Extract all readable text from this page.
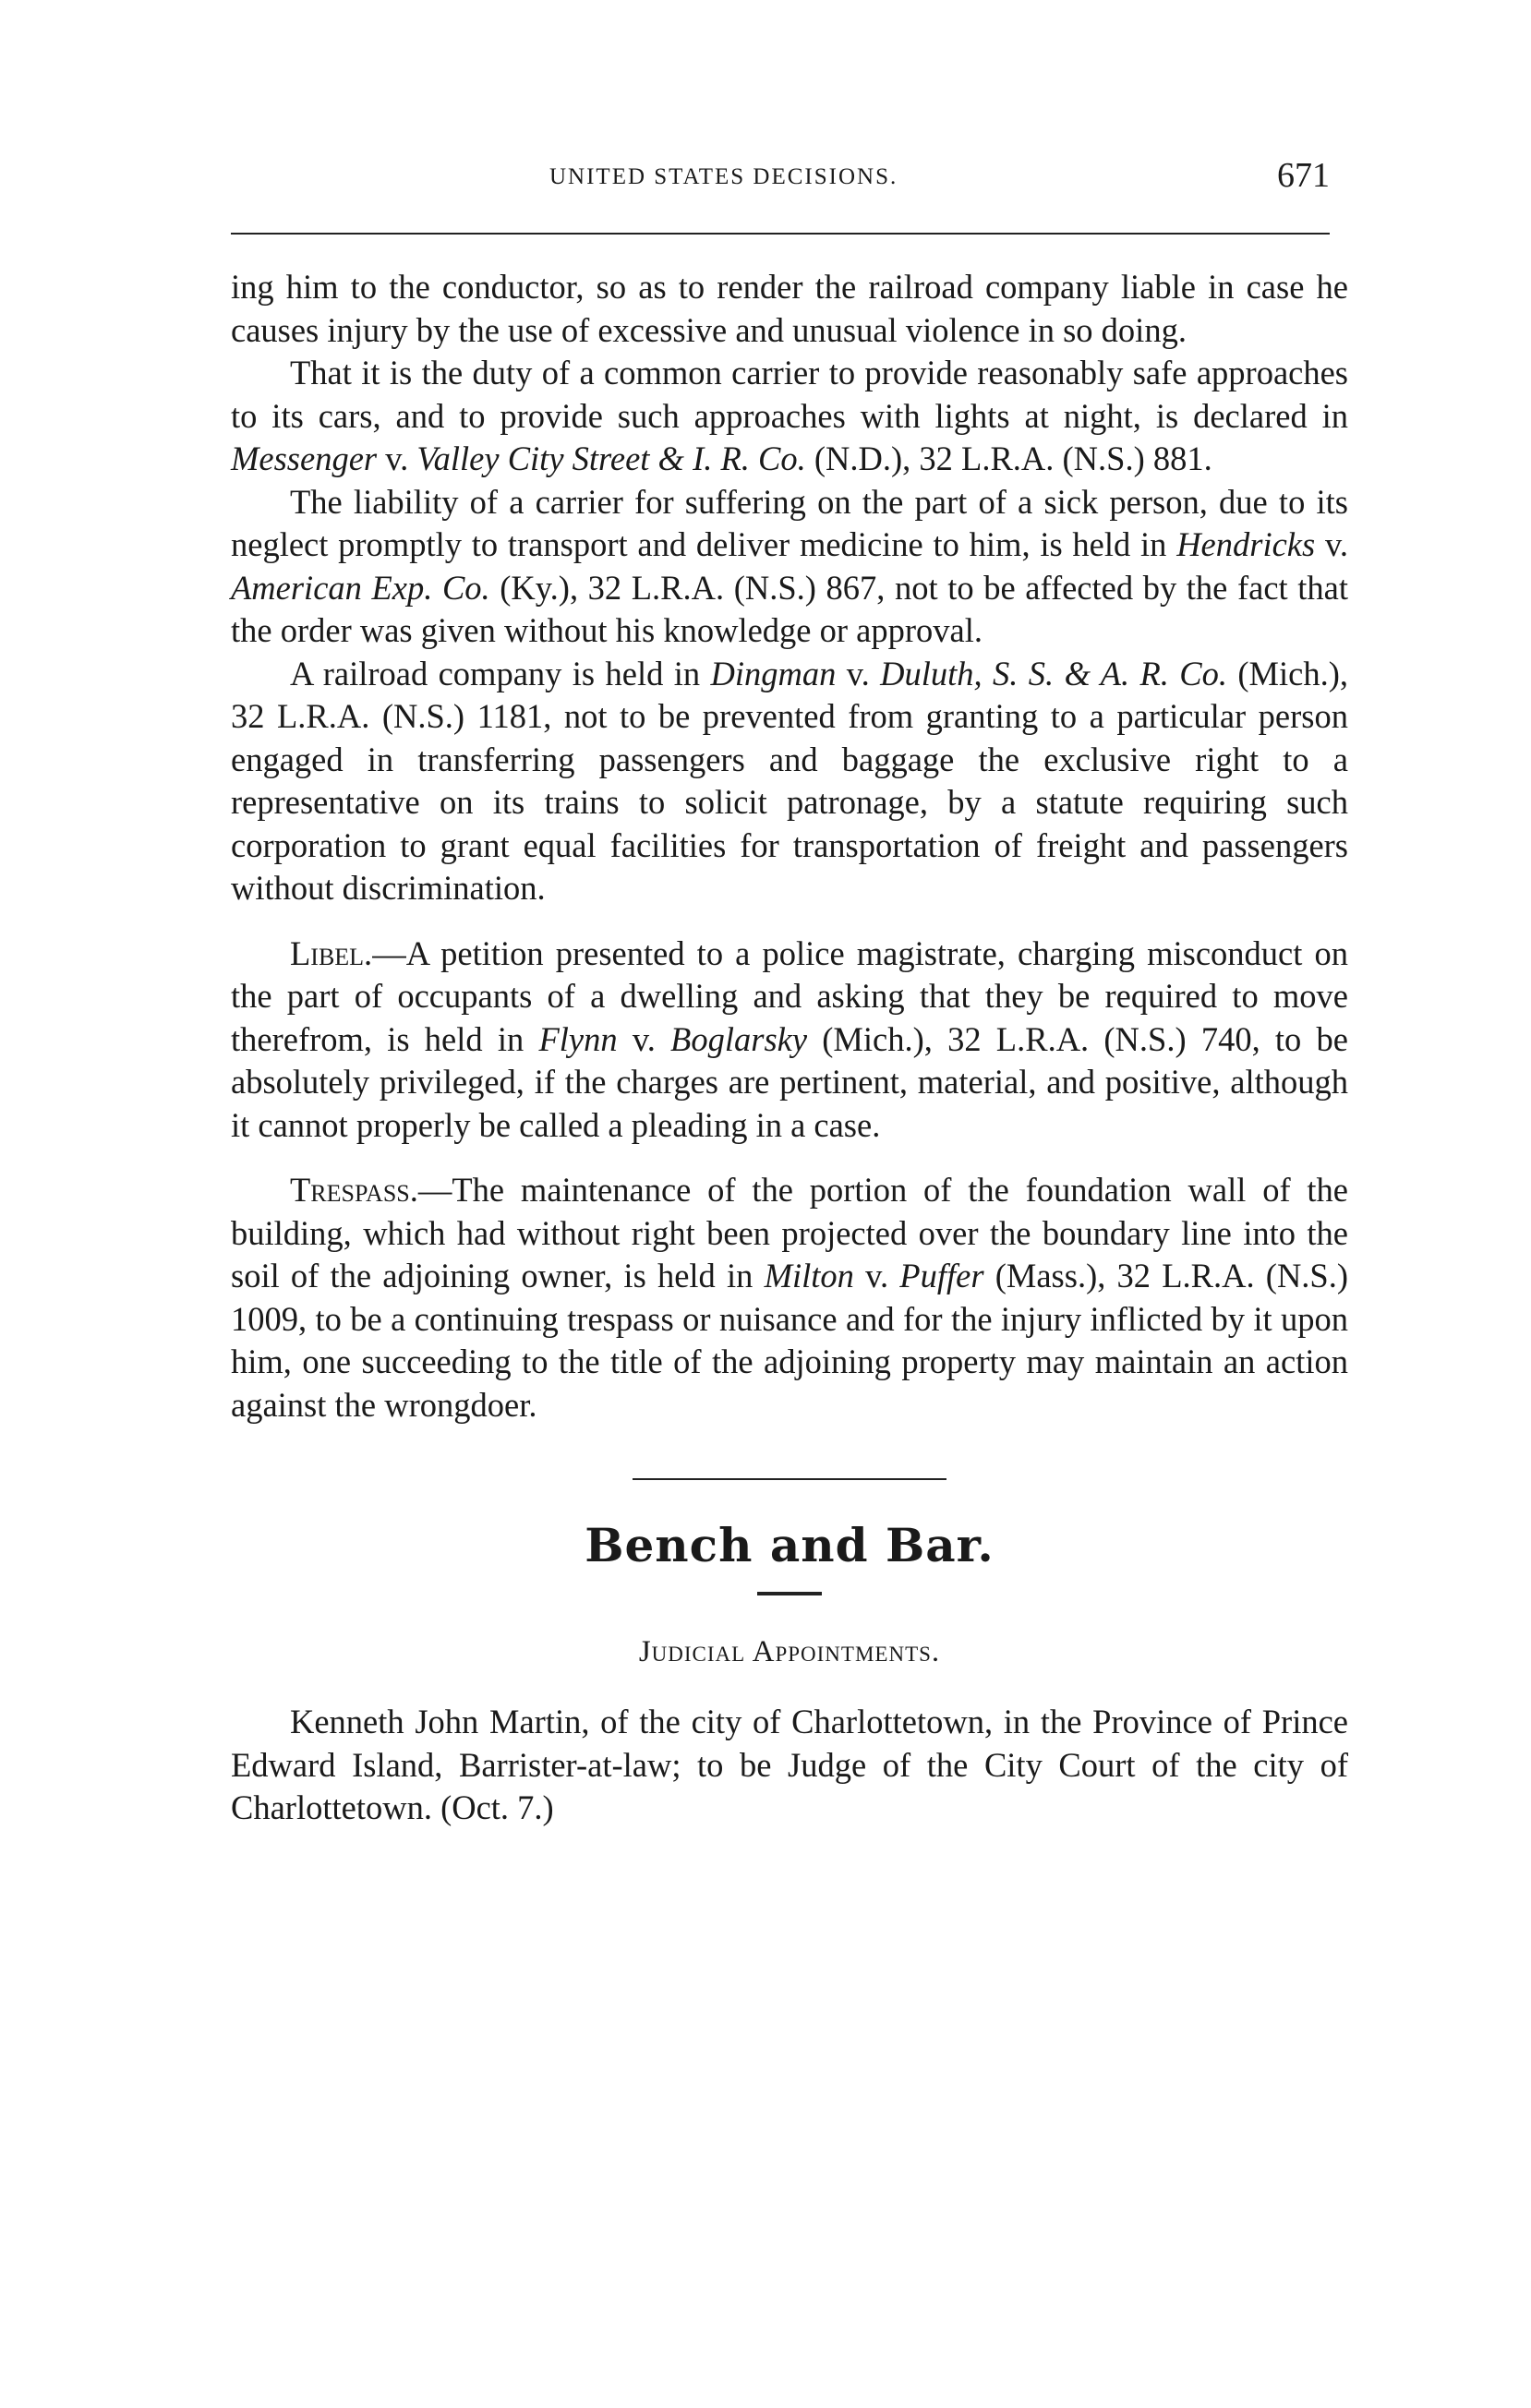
UNITED STATES DECISIONS.	671

ing him to the conductor, so as to render the railroad company liable in case he causes injury by the use of excessive and unusual violence in so doing.

That it is the duty of a common carrier to provide reasonably safe approaches to its cars, and to provide such approaches with lights at night, is declared in Messenger v. Valley City Street & I. R. Co. (N.D.), 32 L.R.A. (N.S.) 881.

The liability of a carrier for suffering on the part of a sick person, due to its neglect promptly to transport and deliver medicine to him, is held in Hendricks v. American Exp. Co. (Ky.), 32 L.R.A. (N.S.) 867, not to be affected by the fact that the order was given without his knowledge or approval.

A railroad company is held in Dingman v. Duluth, S. S. & A. R. Co. (Mich.), 32 L.R.A. (N.S.) 1181, not to be prevented from granting to a particular person engaged in transferring passengers and baggage the exclusive right to a representative on its trains to solicit patronage, by a statute requiring such corporation to grant equal facilities for transportation of freight and passengers without discrimination.

Libel.—A petition presented to a police magistrate, charging misconduct on the part of occupants of a dwelling and asking that they be required to move therefrom, is held in Flynn v. Boglarsky (Mich.), 32 L.R.A. (N.S.) 740, to be absolutely privileged, if the charges are pertinent, material, and positive, although it cannot properly be called a pleading in a case.

Trespass.—The maintenance of the portion of the foundation wall of the building, which had without right been projected over the boundary line into the soil of the adjoining owner, is held in Milton v. Puffer (Mass.), 32 L.R.A. (N.S.) 1009, to be a continuing trespass or nuisance and for the injury inflicted by it upon him, one succeeding to the title of the adjoining property may maintain an action against the wrongdoer.

Bench and Bar.
Judicial Appointments.

Kenneth John Martin, of the city of Charlottetown, in the Province of Prince Edward Island, Barrister-at-law; to be Judge of the City Court of the city of Charlottetown. (Oct. 7.)
